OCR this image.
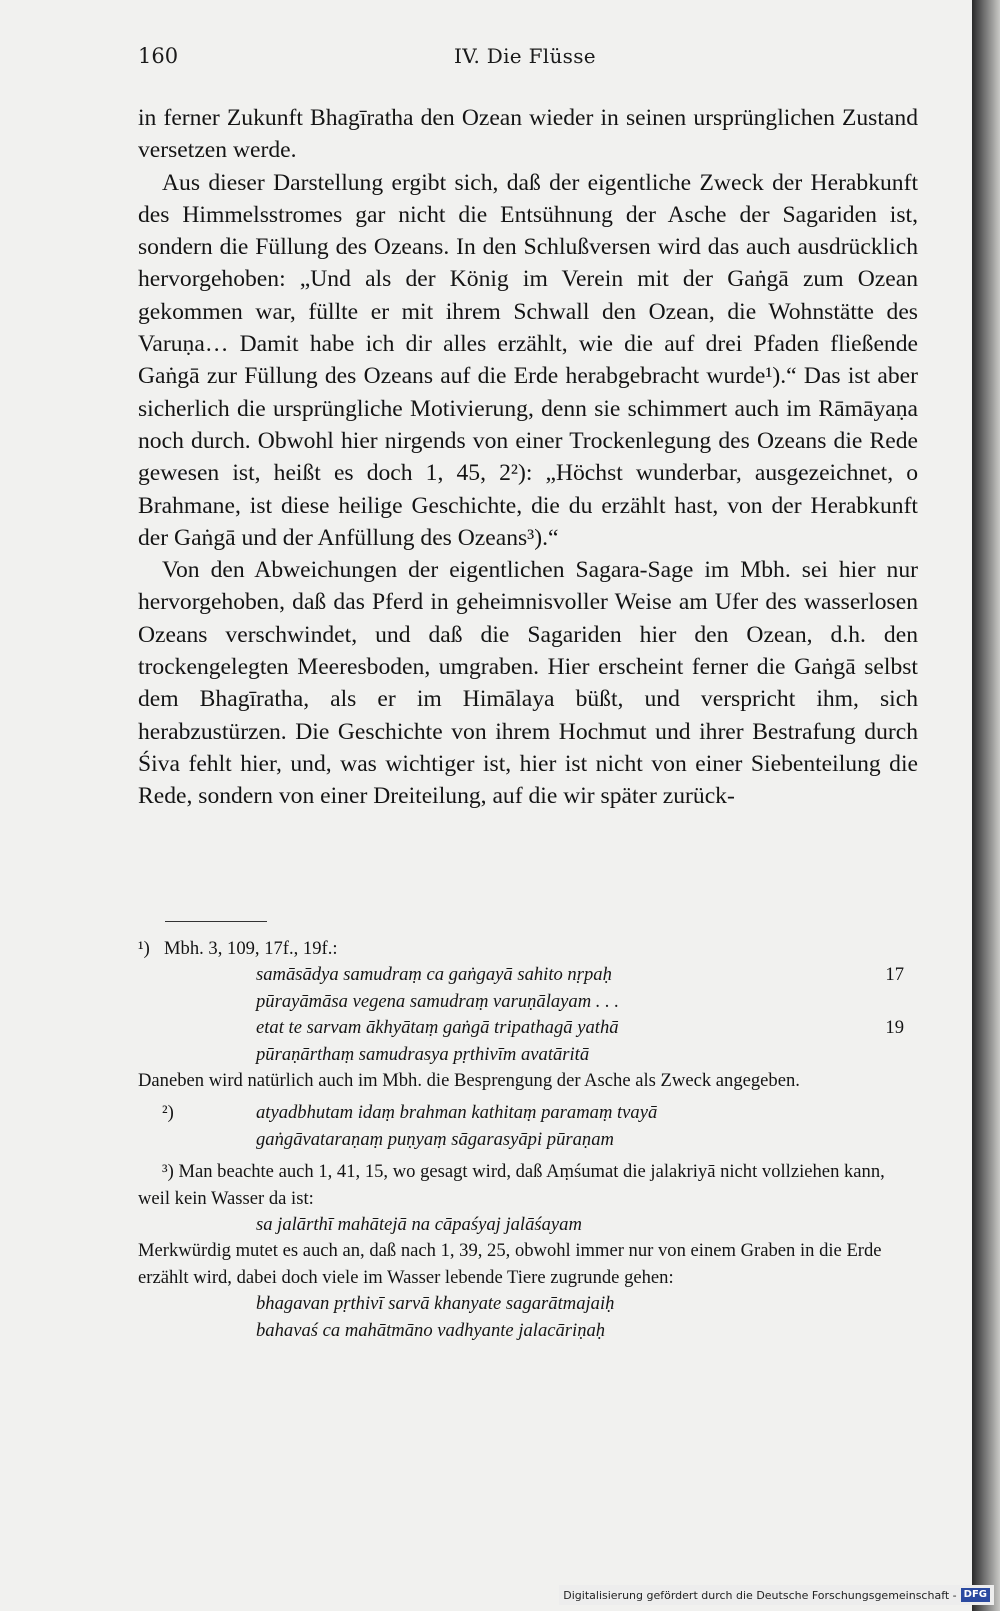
160	IV. Die Flüsse

in ferner Zukunft Bhagīratha den Ozean wieder in seinen ursprünglichen Zustand versetzen werde.

Aus dieser Darstellung ergibt sich, daß der eigentliche Zweck der Herabkunft des Himmelsstromes gar nicht die Entsühnung der Asche der Sagariden ist, sondern die Füllung des Ozeans. In den Schlußversen wird das auch ausdrücklich hervorgehoben: „Und als der König im Verein mit der Gaṅgā zum Ozean gekommen war, füllte er mit ihrem Schwall den Ozean, die Wohnstätte des Varuṇa… Damit habe ich dir alles erzählt, wie die auf drei Pfaden fließende Gaṅgā zur Füllung des Ozeans auf die Erde herabgebracht wurde¹).“ Das ist aber sicherlich die ursprüngliche Motivierung, denn sie schimmert auch im Rāmāyaṇa noch durch. Obwohl hier nirgends von einer Trockenlegung des Ozeans die Rede gewesen ist, heißt es doch 1, 45, 2²): „Höchst wunderbar, ausgezeichnet, o Brahmane, ist diese heilige Geschichte, die du erzählt hast, von der Herabkunft der Gaṅgā und der Anfüllung des Ozeans³).“

Von den Abweichungen der eigentlichen Sagara-Sage im Mbh. sei hier nur hervorgehoben, daß das Pferd in geheimnisvoller Weise am Ufer des wasserlosen Ozeans verschwindet, und daß die Sagariden hier den Ozean, d.h. den trockengelegten Meeresboden, umgraben. Hier erscheint ferner die Gaṅgā selbst dem Bhagīratha, als er im Himālaya büßt, und verspricht ihm, sich herabzustürzen. Die Geschichte von ihrem Hochmut und ihrer Bestrafung durch Śiva fehlt hier, und, was wichtiger ist, hier ist nicht von einer Siebenteilung die Rede, sondern von einer Dreiteilung, auf die wir später zurück-

¹) Mbh. 3, 109, 17f., 19f.:
samāsādya samudraṃ ca gaṅgayā sahito nṛpaḥ	17
pūrayāmāsa vegena samudraṃ varuṇālayam . . .
etat te sarvam ākhyātaṃ gaṅgā tripathagā yathā	19
pūraṇārthaṃ samudrasya pṛthivīm avatāritā
Daneben wird natürlich auch im Mbh. die Besprengung der Asche als Zweck angegeben.
²)	atyadbhutam idaṃ brahman kathitaṃ paramaṃ tvayā
gaṅgāvataraṇaṃ puṇyaṃ sāgarasyāpi pūraṇam
³) Man beachte auch 1, 41, 15, wo gesagt wird, daß Aṃśumat die jalakriyā nicht vollziehen kann, weil kein Wasser da ist:
sa jalārthī mahātejā na cāpaśyaj jalāśayam
Merkwürdig mutet es auch an, daß nach 1, 39, 25, obwohl immer nur von einem Graben in die Erde erzählt wird, dabei doch viele im Wasser lebende Tiere zugrunde gehen:
bhagavan pṛthivī sarvā khanyate sagarātmajaiḥ
bahavaś ca mahātmāno vadhyante jalacāriṇaḥ
Digitalisierung gefördert durch die Deutsche Forschungsgemeinschaft - DFG
